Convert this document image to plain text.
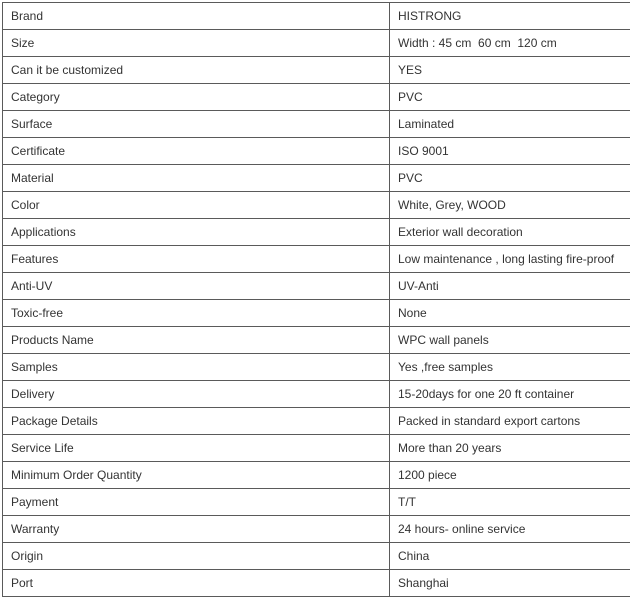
Brand	HISTRONG
Size	Width : 45 cm  60 cm  120 cm
Can it be customized	YES
Category	PVC
Surface	Laminated
Certificate	ISO 9001
Material	PVC
Color	White, Grey, WOOD
Applications	Exterior wall decoration
Features	Low maintenance , long lasting fire-proof
Anti-UV	UV-Anti
Toxic-free	None
Products Name	WPC wall panels
Samples	Yes ,free samples
Delivery	15-20days for one 20 ft container
Package Details	Packed in standard export cartons
Service Life	More than 20 years
Minimum Order Quantity	1200 piece
Payment	T/T
Warranty	24 hours- online service
Origin	China
Port	Shanghai
